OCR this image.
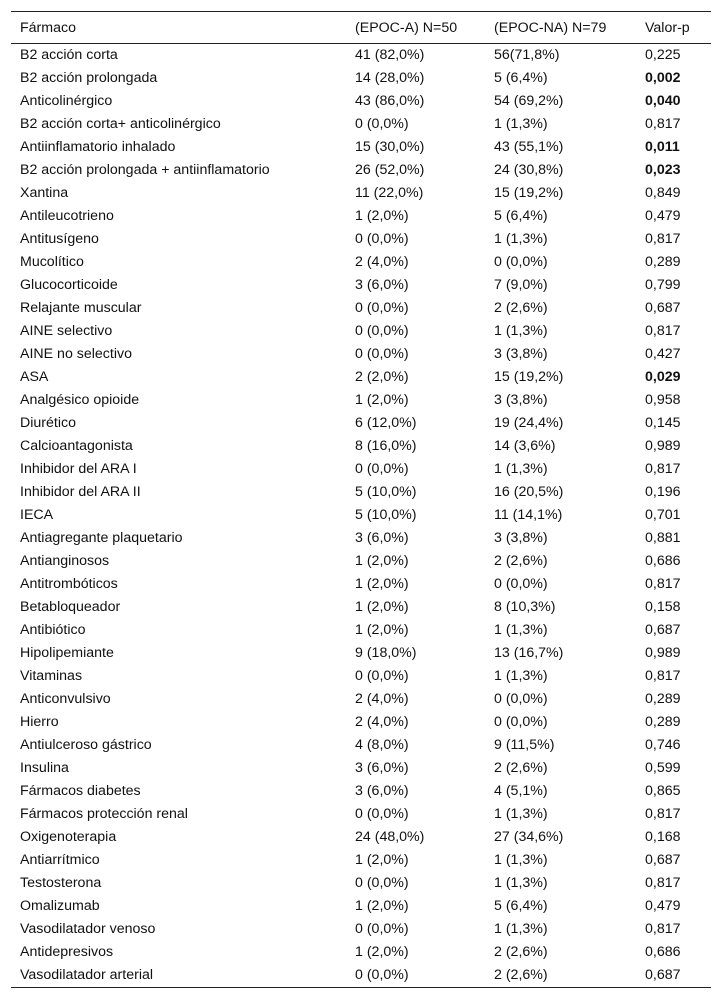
Fármaco	(EPOC-A) N=50	(EPOC-NA) N=79	Valor-p
B2 acción corta	41 (82,0%)	56(71,8%)	0,225
B2 acción prolongada	14 (28,0%)	5 (6,4%)	0,002
Anticolinérgico	43 (86,0%)	54 (69,2%)	0,040
B2 acción corta+ anticolinérgico	0 (0,0%)	1 (1,3%)	0,817
Antiinflamatorio inhalado	15 (30,0%)	43 (55,1%)	0,011
B2 acción prolongada + antiinflamatorio	26 (52,0%)	24 (30,8%)	0,023
Xantina	11 (22,0%)	15 (19,2%)	0,849
Antileucotrieno	1 (2,0%)	5 (6,4%)	0,479
Antitusígeno	0 (0,0%)	1 (1,3%)	0,817
Mucolítico	2 (4,0%)	0 (0,0%)	0,289
Glucocorticoide	3 (6,0%)	7 (9,0%)	0,799
Relajante muscular	0 (0,0%)	2 (2,6%)	0,687
AINE selectivo	0 (0,0%)	1 (1,3%)	0,817
AINE no selectivo	0 (0,0%)	3 (3,8%)	0,427
ASA	2 (2,0%)	15 (19,2%)	0,029
Analgésico opioide	1 (2,0%)	3 (3,8%)	0,958
Diurético	6 (12,0%)	19 (24,4%)	0,145
Calcioantagonista	8 (16,0%)	14 (3,6%)	0,989
Inhibidor del ARA I	0 (0,0%)	1 (1,3%)	0,817
Inhibidor del ARA II	5 (10,0%)	16 (20,5%)	0,196
IECA	5 (10,0%)	11 (14,1%)	0,701
Antiagregante plaquetario	3 (6,0%)	3 (3,8%)	0,881
Antianginosos	1 (2,0%)	2 (2,6%)	0,686
Antitrombóticos	1 (2,0%)	0 (0,0%)	0,817
Betabloqueador	1 (2,0%)	8 (10,3%)	0,158
Antibiótico	1 (2,0%)	1 (1,3%)	0,687
Hipolipemiante	9 (18,0%)	13 (16,7%)	0,989
Vitaminas	0 (0,0%)	1 (1,3%)	0,817
Anticonvulsivo	2 (4,0%)	0 (0,0%)	0,289
Hierro	2 (4,0%)	0 (0,0%)	0,289
Antiulceroso gástrico	4 (8,0%)	9 (11,5%)	0,746
Insulina	3 (6,0%)	2 (2,6%)	0,599
Fármacos diabetes	3 (6,0%)	4 (5,1%)	0,865
Fármacos protección renal	0 (0,0%)	1 (1,3%)	0,817
Oxigenoterapia	24 (48,0%)	27 (34,6%)	0,168
Antiarrítmico	1 (2,0%)	1 (1,3%)	0,687
Testosterona	0 (0,0%)	1 (1,3%)	0,817
Omalizumab	1 (2,0%)	5 (6,4%)	0,479
Vasodilatador venoso	0 (0,0%)	1 (1,3%)	0,817
Antidepresivos	1 (2,0%)	2 (2,6%)	0,686
Vasodilatador arterial	0 (0,0%)	2 (2,6%)	0,687
